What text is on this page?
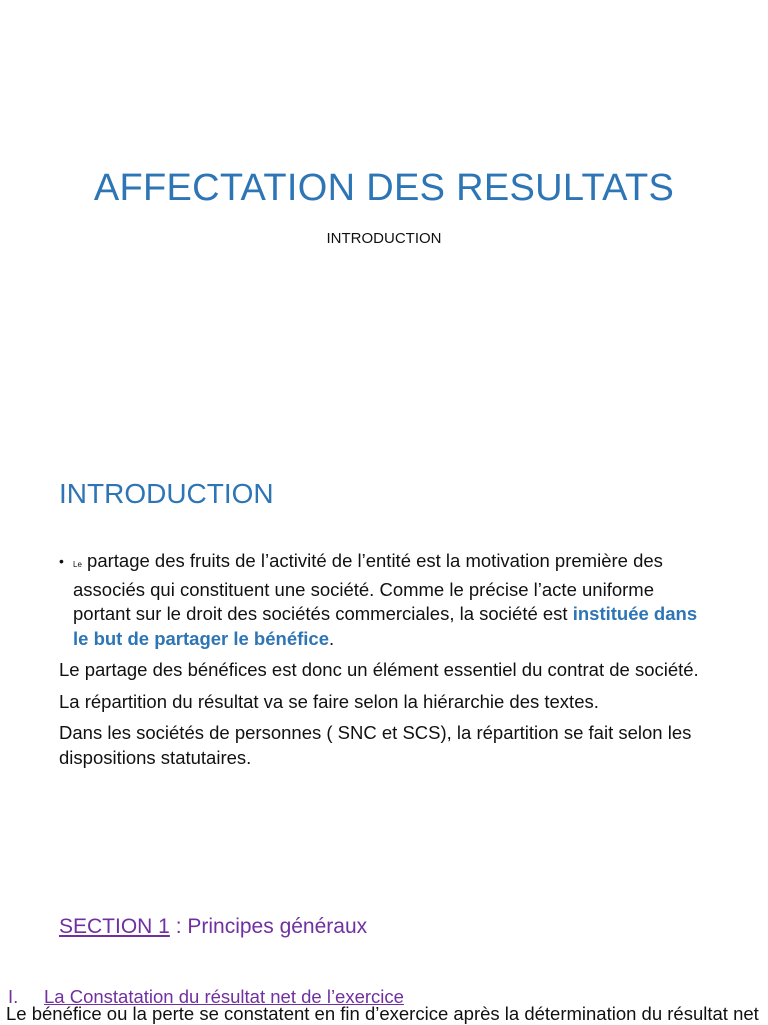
AFFECTATION DES RESULTATS
INTRODUCTION
INTRODUCTION
• Le partage des fruits de l’activité de l’entité est la motivation première des associés qui constituent une société. Comme le précise l’acte uniforme portant sur le droit des sociétés commerciales, la société est instituée dans le but de partager le bénéfice.
Le partage des bénéfices est donc un élément essentiel du contrat de société.
La répartition du résultat va se faire selon la hiérarchie des textes.
Dans les sociétés de personnes ( SNC et SCS), la répartition se fait selon les dispositions statutaires.
SECTION 1 : Principes généraux
I. La Constatation du résultat net de l’exercice
Le bénéfice ou la perte se constatent en fin d’exercice après la détermination du résultat net
